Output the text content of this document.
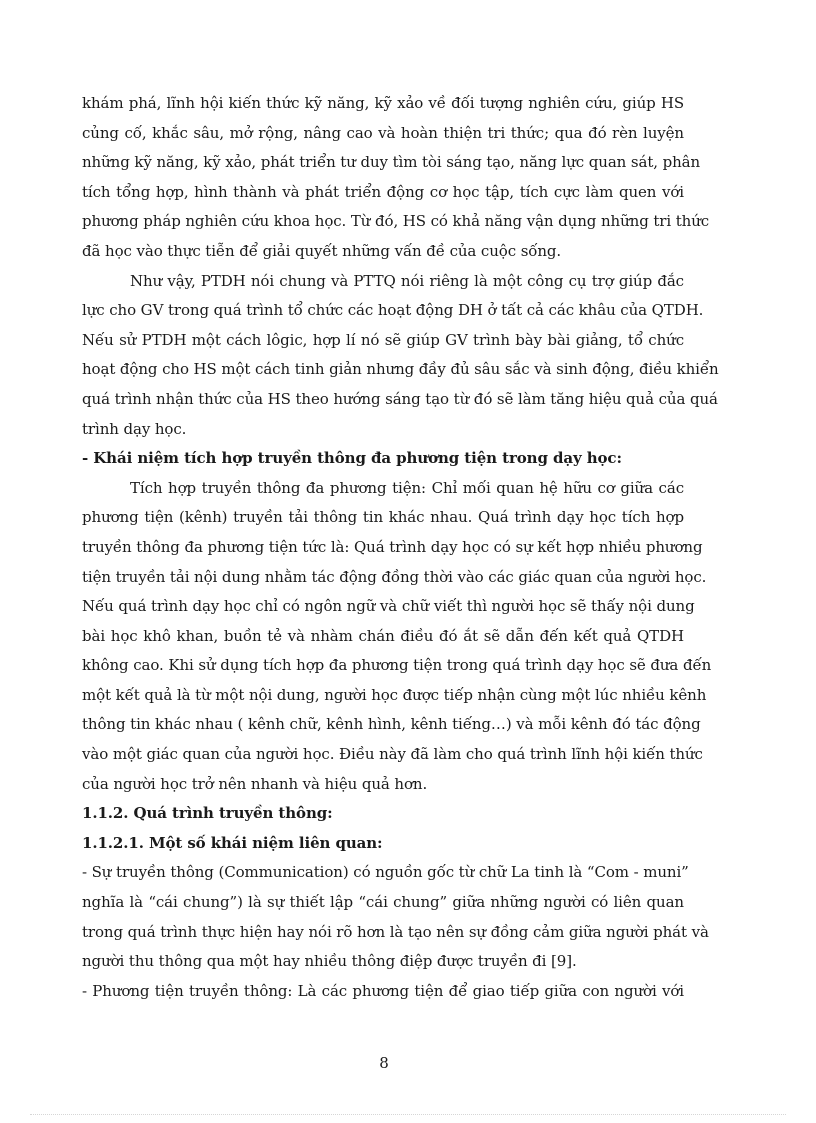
khám phá, lĩnh hội kiến thức kỹ năng, kỹ xảo về đối tượng nghiên cứu, giúp HS
củng cố, khắc sâu, mở rộng, nâng cao và hoàn thiện tri thức; qua đó rèn luyện
những kỹ năng, kỹ xảo, phát triển tư duy tìm tòi sáng tạo, năng lực quan sát, phân
tích tổng hợp, hình thành và phát triển động cơ học tập, tích cực làm quen với
phương pháp nghiên cứu khoa học. Từ đó, HS có khả năng vận dụng những tri thức
đã học vào thực tiễn để giải quyết những vấn đề của cuộc sống.
Như vậy, PTDH nói chung và PTTQ nói riêng là một công cụ trợ giúp đắc
lực cho GV trong quá trình tổ chức các hoạt động DH ở tất cả các khâu của QTDH.
Nếu sử PTDH một cách lôgic, hợp lí nó sẽ giúp GV trình bày bài giảng, tổ chức
hoạt động cho HS một cách tinh giản nhưng đầy đủ sâu sắc và sinh động, điều khiển
quá trình nhận thức của HS theo hướng sáng tạo từ đó sẽ làm tăng hiệu quả của quá
trình dạy học.
- Khái niệm tích hợp truyền thông đa phương tiện trong dạy học:
Tích hợp truyền thông đa phương tiện: Chỉ mối quan hệ hữu cơ giữa các
phương tiện (kênh) truyền tải thông tin khác nhau. Quá trình dạy học tích hợp
truyền thông đa phương tiện tức là: Quá trình dạy học có sự kết hợp nhiều phương
tiện truyền tải nội dung nhằm tác động đồng thời vào các giác quan của người học.
Nếu quá trình dạy học chỉ có ngôn ngữ và chữ viết thì người học sẽ thấy nội dung
bài học khô khan, buồn tẻ và nhàm chán điều đó ắt sẽ dẫn đến kết quả QTDH
không cao. Khi sử dụng tích hợp đa phương tiện trong quá trình dạy học sẽ đưa đến
một kết quả là từ một nội dung, người học được tiếp nhận cùng một lúc nhiều kênh
thông tin khác nhau ( kênh chữ, kênh hình, kênh tiếng…) và mỗi kênh đó tác động
vào một giác quan của người học. Điều này đã làm cho quá trình lĩnh hội kiến thức
của người học trở nên nhanh và hiệu quả hơn.
1.1.2. Quá trình truyền thông:
1.1.2.1. Một số khái niệm liên quan:
- Sự truyền thông (Communication) có nguồn gốc từ chữ La tinh là “Com - muni”
nghĩa là “cái chung”) là sự thiết lập “cái chung” giữa những người có liên quan
trong quá trình thực hiện hay nói rõ hơn là tạo nên sự đồng cảm giữa người phát và
người thu thông qua một hay nhiều thông điệp được truyền đi [9].
- Phương tiện truyền thông: Là các phương tiện để giao tiếp giữa con người với
8
